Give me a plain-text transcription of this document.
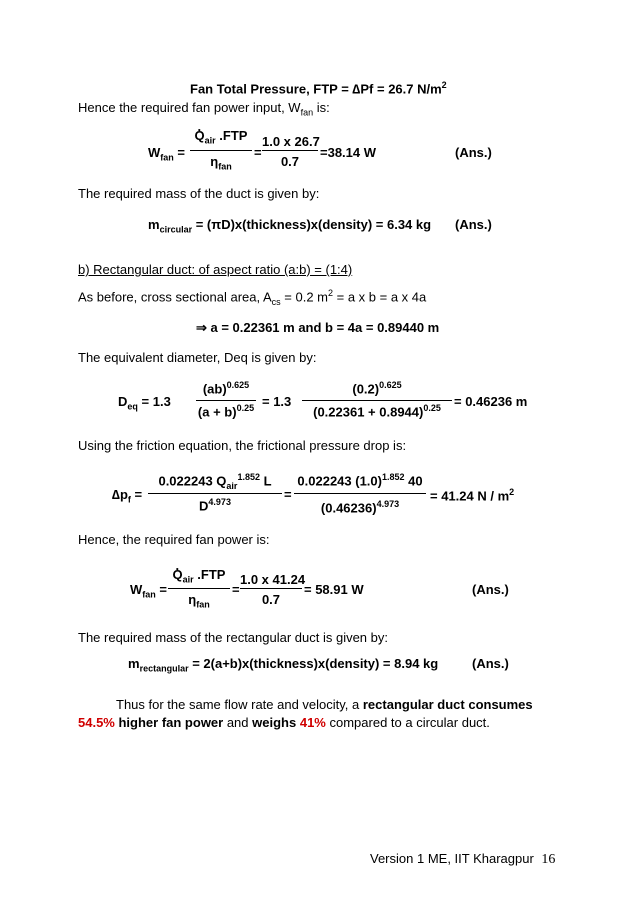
Fan Total Pressure, FTP = ∆Pf = 26.7 $N/m^2$
Hence the required fan power input, $W_{fan}$ is:
$W_{fan}$ =
. $Q_{air}$ .FTP
$\eta_{fan}$
=
1.0 x 26.7
0.7
=38.14 W	(Ans.)
The required mass of the duct is given by:
$m_{circular}$ = (πD)x(thickness)x(density) = 6.34 kg (Ans.)
b) Rectangular duct: of aspect ratio (a:b) = (1:4)
As before, cross sectional area, $A_{cs} = 0.2$ $m^2 = a$ x b = a x 4a
⇒ a = 0.22361 m and b = 4a = 0.89440 m
The equivalent diameter, Deq is given by:
$D_{eq} = 1.3$
(ab)$^{0.625}$
$(a + b)^{0.25} = 1.3$
$(0.2)^{0.625}$
$(0.22361 + 0.8944)^{0.25}$	= 0.46236 m
Using the friction equation, the frictional pressure drop is:
$\Delta p_f$ =
0.022243 $Q_{air}^{1.852}$ L
$D^{4.973}$	=
0.022243 $(1.0)^{1.852}$ 40
$(0.46236)^{4.973}$
= 41.24 N / $m^2$
Hence, the required fan power is:
$W_{fan}$ =
. $Q_{air}$ .FTP
$\eta_{fan}$
=
1.0 x 41.24
0.7
= 58.91 W	(Ans.)
The required mass of the rectangular duct is given by:
$m_{rectangular}$ = 2(a+b)x(thickness)x(density) = 8.94 kg	(Ans.)
Thus for the same flow rate and velocity, a rectangular duct consumes
54.5% higher fan power and weighs 41% compared to a circular duct.
Version 1 ME, IIT Kharagpur 16
